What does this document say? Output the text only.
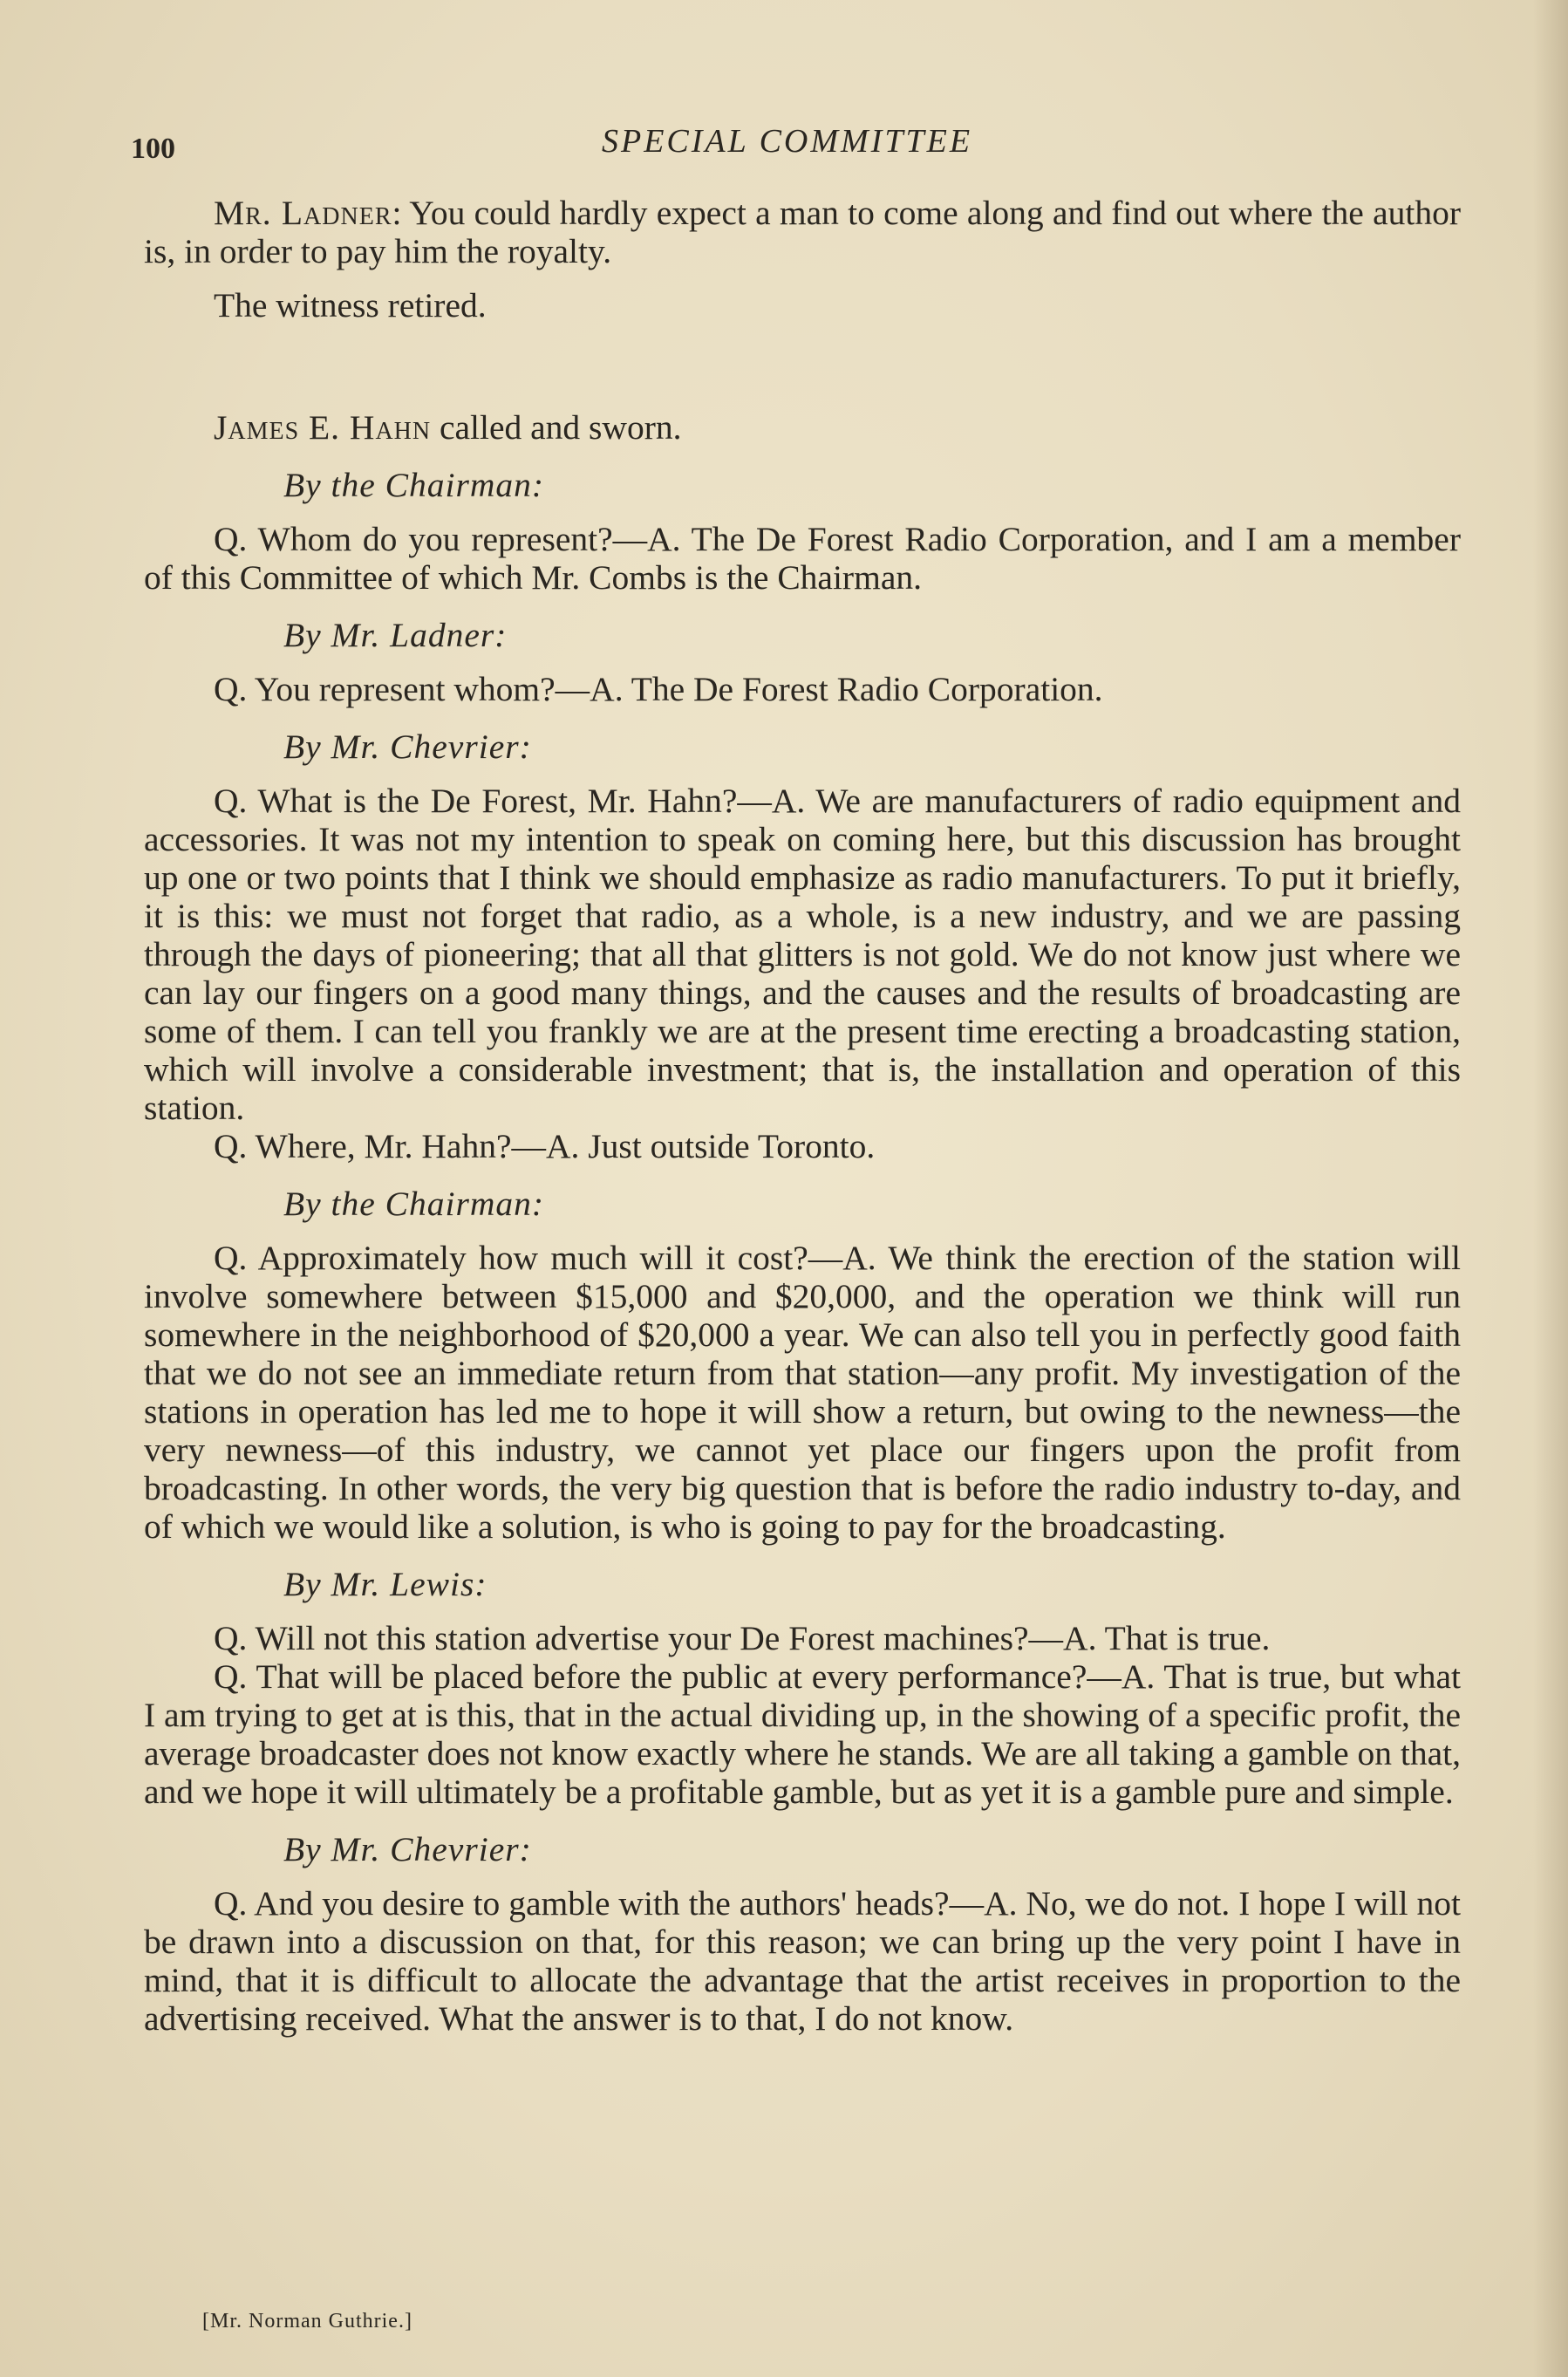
100	SPECIAL COMMITTEE

Mr. Ladner: You could hardly expect a man to come along and find out where the author is, in order to pay him the royalty.

The witness retired.

James E. Hahn called and sworn.

By the Chairman:

Q. Whom do you represent?—A. The De Forest Radio Corporation, and I am a member of this Committee of which Mr. Combs is the Chairman.

By Mr. Ladner:

Q. You represent whom?—A. The De Forest Radio Corporation.

By Mr. Chevrier:

Q. What is the De Forest, Mr. Hahn?—A. We are manufacturers of radio equipment and accessories. It was not my intention to speak on coming here, but this discussion has brought up one or two points that I think we should emphasize as radio manufacturers. To put it briefly, it is this: we must not forget that radio, as a whole, is a new industry, and we are passing through the days of pioneering; that all that glitters is not gold. We do not know just where we can lay our fingers on a good many things, and the causes and the results of broadcasting are some of them. I can tell you frankly we are at the present time erecting a broadcasting station, which will involve a considerable investment; that is, the installation and operation of this station.

Q. Where, Mr. Hahn?—A. Just outside Toronto.

By the Chairman:

Q. Approximately how much will it cost?—A. We think the erection of the station will involve somewhere between $15,000 and $20,000, and the operation we think will run somewhere in the neighborhood of $20,000 a year. We can also tell you in perfectly good faith that we do not see an immediate return from that station—any profit. My investigation of the stations in operation has led me to hope it will show a return, but owing to the newness—the very newness—of this industry, we cannot yet place our fingers upon the profit from broadcasting. In other words, the very big question that is before the radio industry to-day, and of which we would like a solution, is who is going to pay for the broadcasting.

By Mr. Lewis:

Q. Will not this station advertise your De Forest machines?—A. That is true.

Q. That will be placed before the public at every performance?—A. That is true, but what I am trying to get at is this, that in the actual dividing up, in the showing of a specific profit, the average broadcaster does not know exactly where he stands. We are all taking a gamble on that, and we hope it will ultimately be a profitable gamble, but as yet it is a gamble pure and simple.

By Mr. Chevrier:

Q. And you desire to gamble with the authors' heads?—A. No, we do not. I hope I will not be drawn into a discussion on that, for this reason; we can bring up the very point I have in mind, that it is difficult to allocate the advantage that the artist receives in proportion to the advertising received. What the answer is to that, I do not know.

[Mr. Norman Guthrie.]
